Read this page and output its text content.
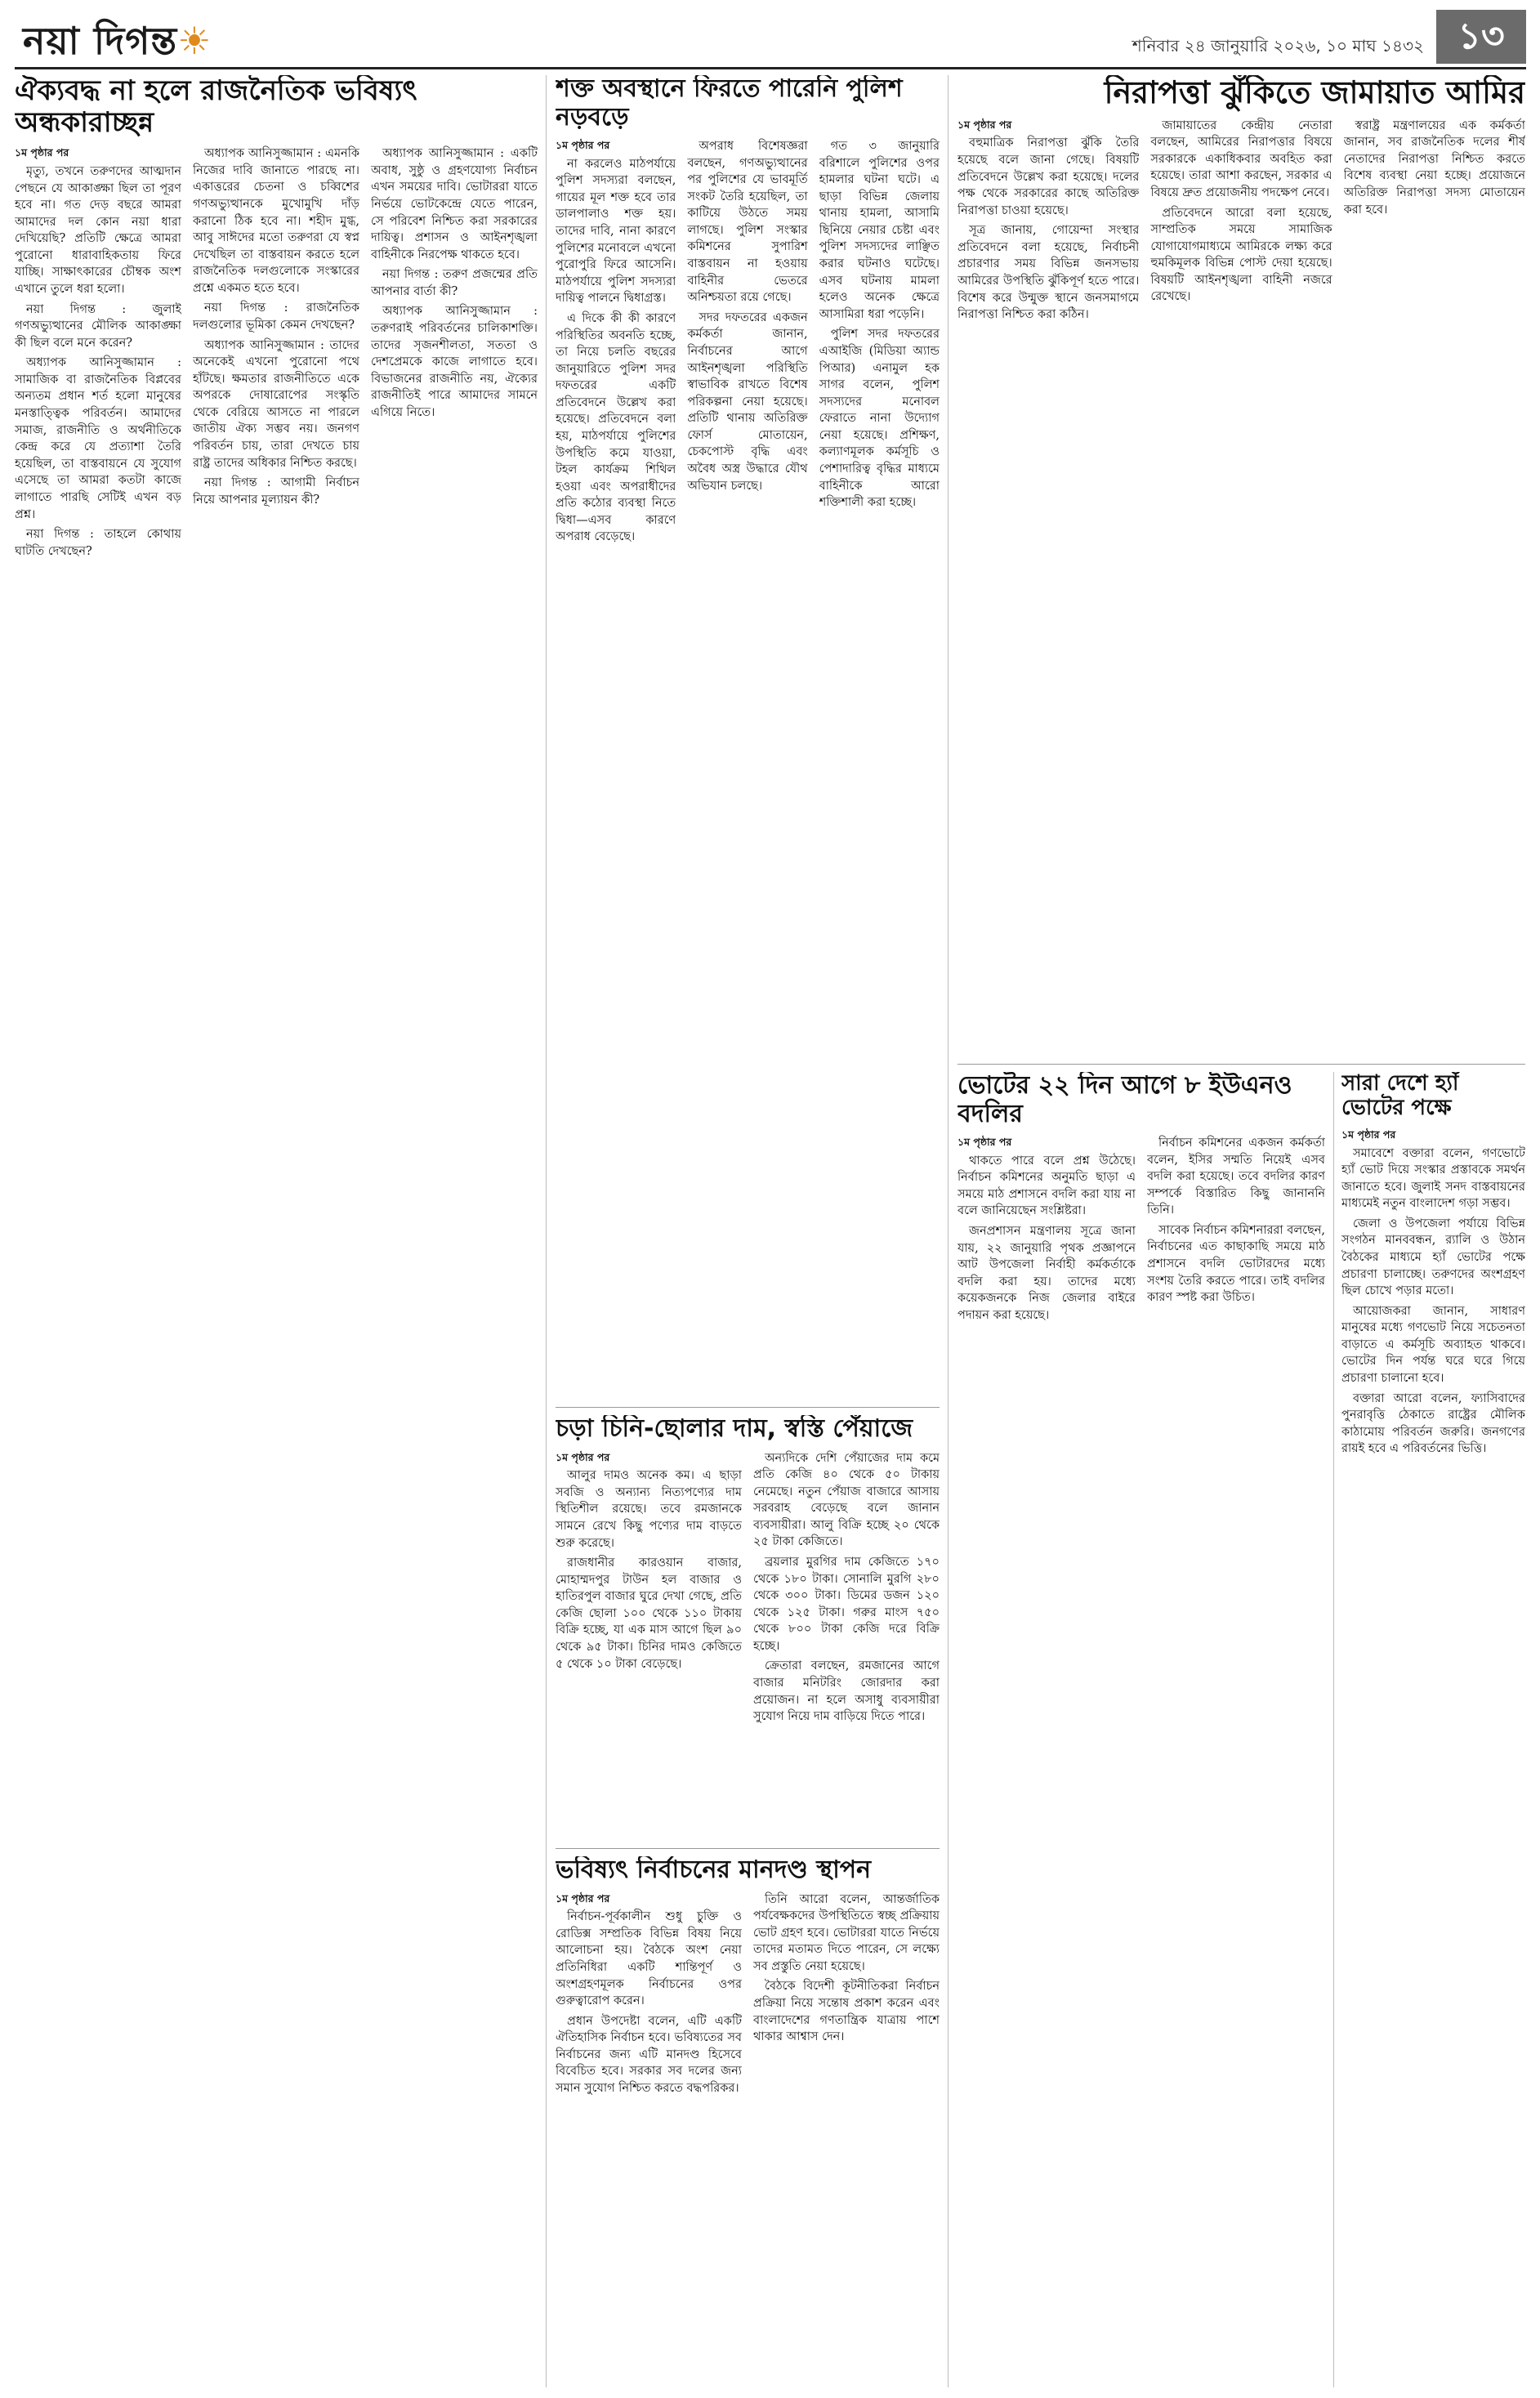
নয়া দিগন্ত☀	শনিবার ২৪ জানুয়ারি ২০২৬, ১০ মাঘ ১৪৩২ ১৩
ঐক্যবদ্ধ না হলে রাজনৈতিক ভবিষ্যৎ অন্ধকারাচ্ছন্ন

১ম পৃষ্ঠার পর

মৃত্যু, তখনে তরুণদের আত্মদান পেছনে যে আকাঙ্ক্ষা ছিল তা পূরণ হবে না। গত দেড় বছরে আমরা আমাদের দল কোন নয়া ধারা দেখিয়েছি? প্রতিটি ক্ষেত্রে আমরা পুরোনো ধারাবাহিকতায় ফিরে যাচ্ছি। সাক্ষাৎকারের চৌম্বক অংশ এখানে তুলে ধরা হলো।

নয়া দিগন্ত : জুলাই গণঅভ্যুত্থানের মৌলিক আকাঙ্ক্ষা কী ছিল বলে মনে করেন?

অধ্যাপক আনিসুজ্জামান : সামাজিক বা রাজনৈতিক বিপ্লবের অন্যতম প্রধান শর্ত হলো মানুষের মনস্তাত্ত্বিক পরিবর্তন। আমাদের সমাজ, রাজনীতি ও অর্থনীতিকে কেন্দ্র করে যে প্রত্যাশা তৈরি হয়েছিল, তা বাস্তবায়নে যে সুযোগ এসেছে তা আমরা কতটা কাজে লাগাতে পারছি সেটিই এখন বড় প্রশ্ন।

নয়া দিগন্ত : তাহলে কোথায় ঘাটতি দেখছেন?

অধ্যাপক আনিসুজ্জামান : এমনকি নিজের দাবি জানাতে পারছে না। একাত্তরের চেতনা ও চব্বিশের গণঅভ্যুত্থানকে মুখোমুখি দাঁড় করানো ঠিক হবে না। শহীদ মুগ্ধ, আবু সাঈদের মতো তরুণরা যে স্বপ্ন দেখেছিল তা বাস্তবায়ন করতে হলে রাজনৈতিক দলগুলোকে সংস্কারের প্রশ্নে একমত হতে হবে।

নয়া দিগন্ত : রাজনৈতিক দলগুলোর ভূমিকা কেমন দেখছেন?

অধ্যাপক আনিসুজ্জামান : তাদের অনেকেই এখনো পুরোনো পথে হাঁটছে। ক্ষমতার রাজনীতিতে একে অপরকে দোষারোপের সংস্কৃতি থেকে বেরিয়ে আসতে না পারলে জাতীয় ঐক্য সম্ভব নয়। জনগণ পরিবর্তন চায়, তারা দেখতে চায় রাষ্ট্র তাদের অধিকার নিশ্চিত করছে।

নয়া দিগন্ত : আগামী নির্বাচন নিয়ে আপনার মূল্যায়ন কী?

অধ্যাপক আনিসুজ্জামান : একটি অবাধ, সুষ্ঠু ও গ্রহণযোগ্য নির্বাচন এখন সময়ের দাবি। ভোটাররা যাতে নির্ভয়ে ভোটকেন্দ্রে যেতে পারেন, সে পরিবেশ নিশ্চিত করা সরকারের দায়িত্ব। প্রশাসন ও আইনশৃঙ্খলা বাহিনীকে নিরপেক্ষ থাকতে হবে।

নয়া দিগন্ত : তরুণ প্রজন্মের প্রতি আপনার বার্তা কী?

অধ্যাপক আনিসুজ্জামান : তরুণরাই পরিবর্তনের চালিকাশক্তি। তাদের সৃজনশীলতা, সততা ও দেশপ্রেমকে কাজে লাগাতে হবে। বিভাজনের রাজনীতি নয়, ঐক্যের রাজনীতিই পারে আমাদের সামনে এগিয়ে নিতে।

শক্ত অবস্থানে ফিরতে পারেনি পুলিশ নড়বড়ে

১ম পৃষ্ঠার পর

না করলেও মাঠপর্যায়ে পুলিশ সদস্যরা বলছেন, গায়ের মূল শক্ত হবে তার ডালপালাও শক্ত হয়। তাদের দাবি, নানা কারণে পুলিশের মনোবলে এখনো পুরোপুরি ফিরে আসেনি। মাঠপর্যায়ে পুলিশ সদস্যরা দায়িত্ব পালনে দ্বিধাগ্রস্ত।

এ দিকে কী কী কারণে পরিস্থিতির অবনতি হচ্ছে, তা নিয়ে চলতি বছরের জানুয়ারিতে পুলিশ সদর দফতরের একটি প্রতিবেদনে উল্লেখ করা হয়েছে। প্রতিবেদনে বলা হয়, মাঠপর্যায়ে পুলিশের উপস্থিতি কমে যাওয়া, টহল কার্যক্রম শিথিল হওয়া এবং অপরাধীদের প্রতি কঠোর ব্যবস্থা নিতে দ্বিধা—এসব কারণে অপরাধ বেড়েছে।

অপরাধ বিশেষজ্ঞরা বলছেন, গণঅভ্যুত্থানের পর পুলিশের যে ভাবমূর্তি সংকট তৈরি হয়েছিল, তা কাটিয়ে উঠতে সময় লাগছে। পুলিশ সংস্কার কমিশনের সুপারিশ বাস্তবায়ন না হওয়ায় বাহিনীর ভেতরে অনিশ্চয়তা রয়ে গেছে।

সদর দফতরের একজন কর্মকর্তা জানান, নির্বাচনের আগে আইনশৃঙ্খলা পরিস্থিতি স্বাভাবিক রাখতে বিশেষ পরিকল্পনা নেয়া হয়েছে। প্রতিটি থানায় অতিরিক্ত ফোর্স মোতায়েন, চেকপোস্ট বৃদ্ধি এবং অবৈধ অস্ত্র উদ্ধারে যৌথ অভিযান চলছে।

গত ৩ জানুয়ারি বরিশালে পুলিশের ওপর হামলার ঘটনা ঘটে। এ ছাড়া বিভিন্ন জেলায় থানায় হামলা, আসামি ছিনিয়ে নেয়ার চেষ্টা এবং পুলিশ সদস্যদের লাঞ্ছিত করার ঘটনাও ঘটেছে। এসব ঘটনায় মামলা হলেও অনেক ক্ষেত্রে আসামিরা ধরা পড়েনি।

পুলিশ সদর দফতরের এআইজি (মিডিয়া অ্যান্ড পিআর) এনামুল হক সাগর বলেন, পুলিশ সদস্যদের মনোবল ফেরাতে নানা উদ্যোগ নেয়া হয়েছে। প্রশিক্ষণ, কল্যাণমূলক কর্মসূচি ও পেশাদারিত্ব বৃদ্ধির মাধ্যমে বাহিনীকে আরো শক্তিশালী করা হচ্ছে।

চড়া চিনি-ছোলার দাম, স্বস্তি পেঁয়াজে

১ম পৃষ্ঠার পর

আলুর দামও অনেক কম। এ ছাড়া সবজি ও অন্যান্য নিত্যপণ্যের দাম স্থিতিশীল রয়েছে। তবে রমজানকে সামনে রেখে কিছু পণ্যের দাম বাড়তে শুরু করেছে।

রাজধানীর কারওয়ান বাজার, মোহাম্মদপুর টাউন হল বাজার ও হাতিরপুল বাজার ঘুরে দেখা গেছে, প্রতি কেজি ছোলা ১০০ থেকে ১১০ টাকায় বিক্রি হচ্ছে, যা এক মাস আগে ছিল ৯০ থেকে ৯৫ টাকা। চিনির দামও কেজিতে ৫ থেকে ১০ টাকা বেড়েছে।

অন্যদিকে দেশি পেঁয়াজের দাম কমে প্রতি কেজি ৪০ থেকে ৫০ টাকায় নেমেছে। নতুন পেঁয়াজ বাজারে আসায় সরবরাহ বেড়েছে বলে জানান ব্যবসায়ীরা। আলু বিক্রি হচ্ছে ২০ থেকে ২৫ টাকা কেজিতে।

ব্রয়লার মুরগির দাম কেজিতে ১৭০ থেকে ১৮০ টাকা। সোনালি মুরগি ২৮০ থেকে ৩০০ টাকা। ডিমের ডজন ১২০ থেকে ১২৫ টাকা। গরুর মাংস ৭৫০ থেকে ৮০০ টাকা কেজি দরে বিক্রি হচ্ছে।

ক্রেতারা বলছেন, রমজানের আগে বাজার মনিটরিং জোরদার করা প্রয়োজন। না হলে অসাধু ব্যবসায়ীরা সুযোগ নিয়ে দাম বাড়িয়ে দিতে পারে।

ভবিষ্যৎ নির্বাচনের মানদণ্ড স্থাপন

১ম পৃষ্ঠার পর

নির্বাচন-পূর্বকালীন শুধু চুক্তি ও রোডিক্স সম্প্রতিক বিভিন্ন বিষয় নিয়ে আলোচনা হয়। বৈঠকে অংশ নেয়া প্রতিনিধিরা একটি শান্তিপূর্ণ ও অংশগ্রহণমূলক নির্বাচনের ওপর গুরুত্বারোপ করেন।

প্রধান উপদেষ্টা বলেন, এটি একটি ঐতিহাসিক নির্বাচন হবে। ভবিষ্যতের সব নির্বাচনের জন্য এটি মানদণ্ড হিসেবে বিবেচিত হবে। সরকার সব দলের জন্য সমান সুযোগ নিশ্চিত করতে বদ্ধপরিকর।

তিনি আরো বলেন, আন্তর্জাতিক পর্যবেক্ষকদের উপস্থিতিতে স্বচ্ছ প্রক্রিয়ায় ভোট গ্রহণ হবে। ভোটাররা যাতে নির্ভয়ে তাদের মতামত দিতে পারেন, সে লক্ষ্যে সব প্রস্তুতি নেয়া হয়েছে।

বৈঠকে বিদেশী কূটনীতিকরা নির্বাচন প্রক্রিয়া নিয়ে সন্তোষ প্রকাশ করেন এবং বাংলাদেশের গণতান্ত্রিক যাত্রায় পাশে থাকার আশ্বাস দেন।

নিরাপত্তা ঝুঁকিতে জামায়াত আমির

১ম পৃষ্ঠার পর

বহুমাত্রিক নিরাপত্তা ঝুঁকি তৈরি হয়েছে বলে জানা গেছে। বিষয়টি প্রতিবেদনে উল্লেখ করা হয়েছে। দলের পক্ষ থেকে সরকারের কাছে অতিরিক্ত নিরাপত্তা চাওয়া হয়েছে।

সূত্র জানায়, গোয়েন্দা সংস্থার প্রতিবেদনে বলা হয়েছে, নির্বাচনী প্রচারণার সময় বিভিন্ন জনসভায় আমিরের উপস্থিতি ঝুঁকিপূর্ণ হতে পারে। বিশেষ করে উন্মুক্ত স্থানে জনসমাগমে নিরাপত্তা নিশ্চিত করা কঠিন।

জামায়াতের কেন্দ্রীয় নেতারা বলছেন, আমিরের নিরাপত্তার বিষয়ে সরকারকে একাধিকবার অবহিত করা হয়েছে। তারা আশা করছেন, সরকার এ বিষয়ে দ্রুত প্রয়োজনীয় পদক্ষেপ নেবে।

প্রতিবেদনে আরো বলা হয়েছে, সাম্প্রতিক সময়ে সামাজিক যোগাযোগমাধ্যমে আমিরকে লক্ষ্য করে হুমকিমূলক বিভিন্ন পোস্ট দেয়া হয়েছে। বিষয়টি আইনশৃঙ্খলা বাহিনী নজরে রেখেছে।

স্বরাষ্ট্র মন্ত্রণালয়ের এক কর্মকর্তা জানান, সব রাজনৈতিক দলের শীর্ষ নেতাদের নিরাপত্তা নিশ্চিত করতে বিশেষ ব্যবস্থা নেয়া হচ্ছে। প্রয়োজনে অতিরিক্ত নিরাপত্তা সদস্য মোতায়েন করা হবে।

ভোটের ২২ দিন আগে ৮ ইউএনও বদলির

১ম পৃষ্ঠার পর

থাকতে পারে বলে প্রশ্ন উঠেছে। নির্বাচন কমিশনের অনুমতি ছাড়া এ সময়ে মাঠ প্রশাসনে বদলি করা যায় না বলে জানিয়েছেন সংশ্লিষ্টরা।

জনপ্রশাসন মন্ত্রণালয় সূত্রে জানা যায়, ২২ জানুয়ারি পৃথক প্রজ্ঞাপনে আট উপজেলা নির্বাহী কর্মকর্তাকে বদলি করা হয়। তাদের মধ্যে কয়েকজনকে নিজ জেলার বাইরে পদায়ন করা হয়েছে।

নির্বাচন কমিশনের একজন কর্মকর্তা বলেন, ইসির সম্মতি নিয়েই এসব বদলি করা হয়েছে। তবে বদলির কারণ সম্পর্কে বিস্তারিত কিছু জানাননি তিনি।

সাবেক নির্বাচন কমিশনাররা বলছেন, নির্বাচনের এত কাছাকাছি সময়ে মাঠ প্রশাসনে বদলি ভোটারদের মধ্যে সংশয় তৈরি করতে পারে। তাই বদলির কারণ স্পষ্ট করা উচিত।

সারা দেশে হ্যাঁ ভোটের পক্ষে

১ম পৃষ্ঠার পর

সমাবেশে বক্তারা বলেন, গণভোটে হ্যাঁ ভোট দিয়ে সংস্কার প্রস্তাবকে সমর্থন জানাতে হবে। জুলাই সনদ বাস্তবায়নের মাধ্যমেই নতুন বাংলাদেশ গড়া সম্ভব।

জেলা ও উপজেলা পর্যায়ে বিভিন্ন সংগঠন মানববন্ধন, র‍্যালি ও উঠান বৈঠকের মাধ্যমে হ্যাঁ ভোটের পক্ষে প্রচারণা চালাচ্ছে। তরুণদের অংশগ্রহণ ছিল চোখে পড়ার মতো।

আয়োজকরা জানান, সাধারণ মানুষের মধ্যে গণভোট নিয়ে সচেতনতা বাড়াতে এ কর্মসূচি অব্যাহত থাকবে। ভোটের দিন পর্যন্ত ঘরে ঘরে গিয়ে প্রচারণা চালানো হবে।

বক্তারা আরো বলেন, ফ্যাসিবাদের পুনরাবৃত্তি ঠেকাতে রাষ্ট্রের মৌলিক কাঠামোয় পরিবর্তন জরুরি। জনগণের রায়ই হবে এ পরিবর্তনের ভিত্তি।
